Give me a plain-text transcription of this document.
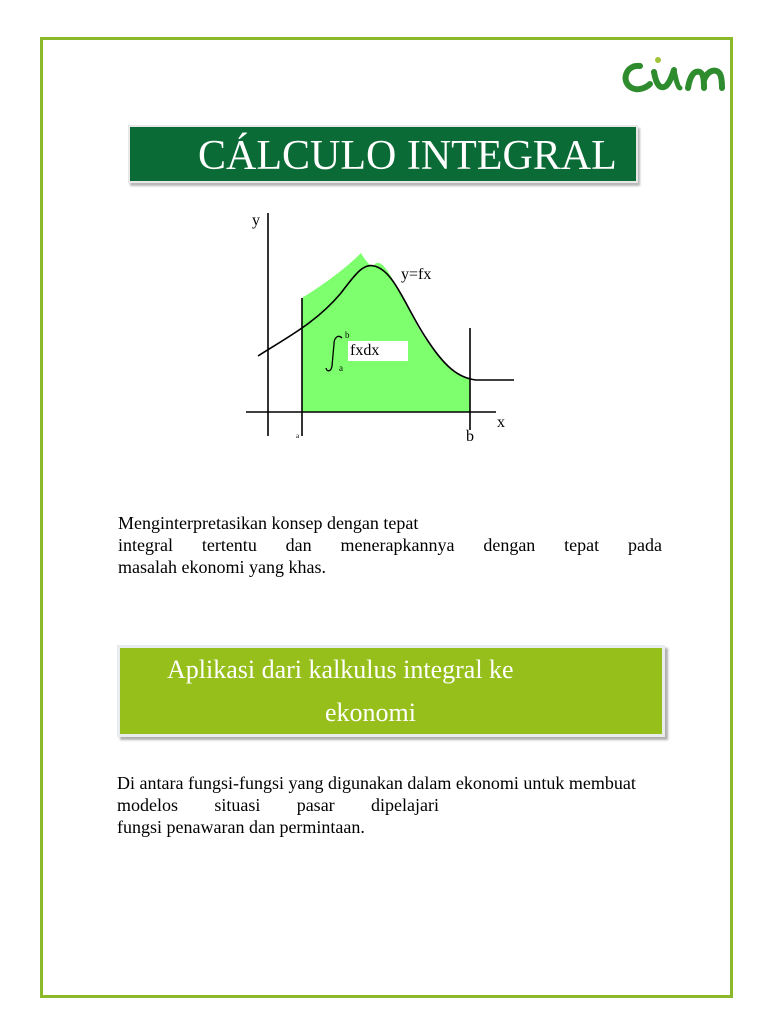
CÁLCULO INTEGRAL
y
x
y=fx
b
a
fxdx
a	b
Menginterpretasikan konsep dengan tepat
integral tertentu dan menerapkannya dengan tepat pada
masalah ekonomi yang khas.
Aplikasi dari kalkulus integral ke
ekonomi
Di antara fungsi-fungsi yang digunakan dalam ekonomi untuk membuat
modelos situasi pasar dipelajari
fungsi penawaran dan permintaan.
